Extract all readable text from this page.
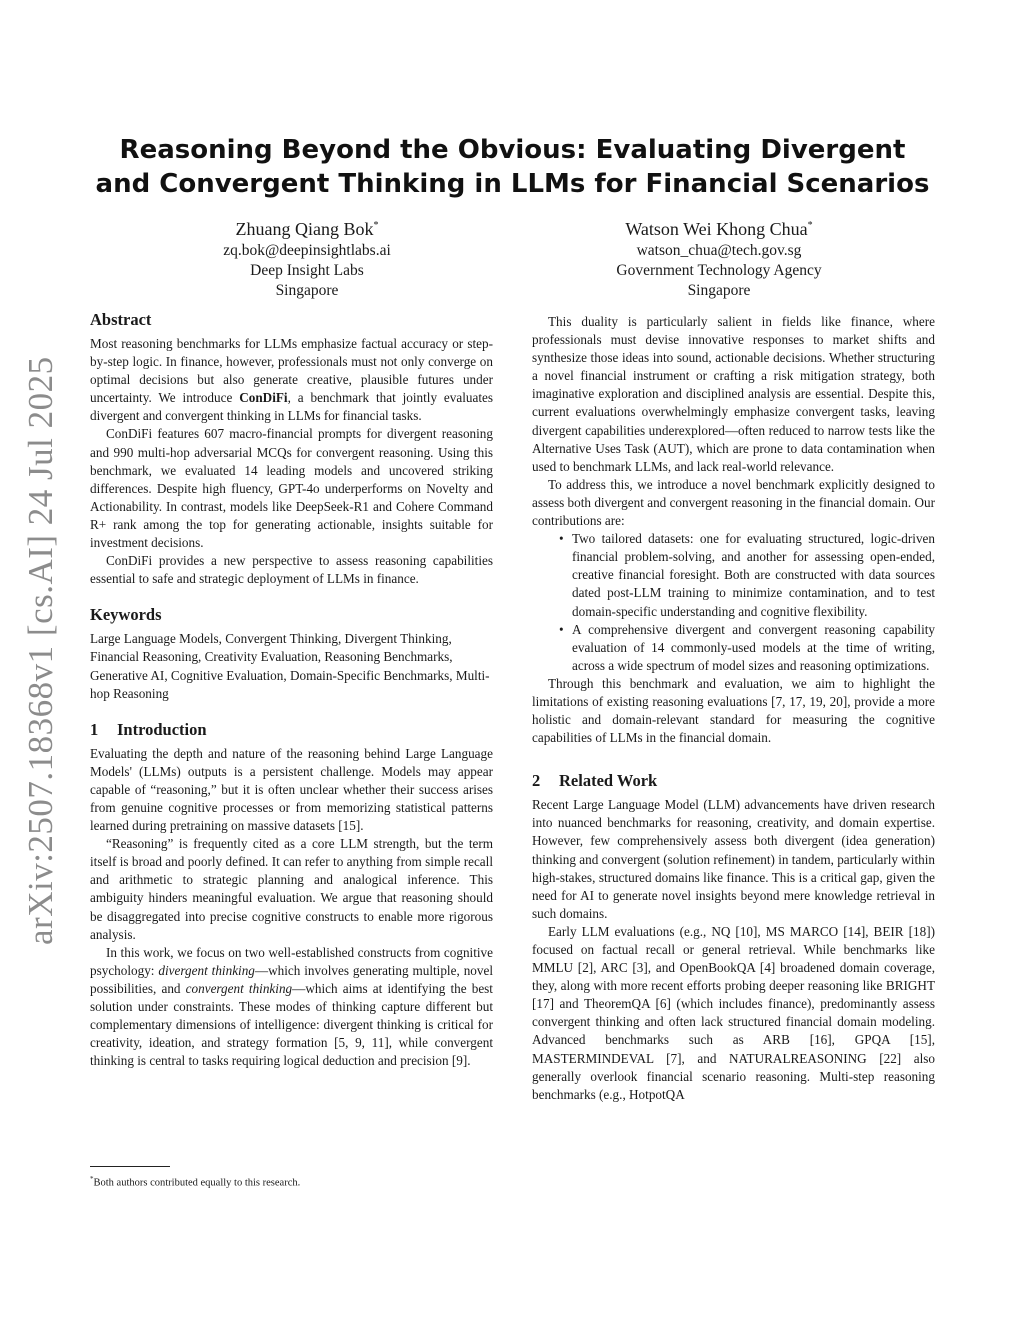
arXiv:2507.18368v1 [cs.AI] 24 Jul 2025
Reasoning Beyond the Obvious: Evaluating Divergent and Convergent Thinking in LLMs for Financial Scenarios
Zhuang Qiang Bok*
zq.bok@deepinsightlabs.ai
Deep Insight Labs
Singapore
Watson Wei Khong Chua*
watson_chua@tech.gov.sg
Government Technology Agency
Singapore
Abstract

Most reasoning benchmarks for LLMs emphasize factual accuracy or step-by-step logic. In finance, however, professionals must not only converge on optimal decisions but also generate creative, plausible futures under uncertainty. We introduce ConDiFi, a benchmark that jointly evaluates divergent and convergent thinking in LLMs for financial tasks.

ConDiFi features 607 macro-financial prompts for divergent reasoning and 990 multi-hop adversarial MCQs for convergent reasoning. Using this benchmark, we evaluated 14 leading models and uncovered striking differences. Despite high fluency, GPT-4o underperforms on Novelty and Actionability. In contrast, models like DeepSeek-R1 and Cohere Command R+ rank among the top for generating actionable, insights suitable for investment decisions.

ConDiFi provides a new perspective to assess reasoning capabilities essential to safe and strategic deployment of LLMs in finance.

Keywords

Large Language Models, Convergent Thinking, Divergent Thinking, Financial Reasoning, Creativity Evaluation, Reasoning Benchmarks, Generative AI, Cognitive Evaluation, Domain-Specific Benchmarks, Multi-hop Reasoning

1 Introduction

Evaluating the depth and nature of the reasoning behind Large Language Models' (LLMs) outputs is a persistent challenge. Models may appear capable of “reasoning,” but it is often unclear whether their success arises from genuine cognitive processes or from memorizing statistical patterns learned during pretraining on massive datasets [15].

“Reasoning” is frequently cited as a core LLM strength, but the term itself is broad and poorly defined. It can refer to anything from simple recall and arithmetic to strategic planning and analogical inference. This ambiguity hinders meaningful evaluation. We argue that reasoning should be disaggregated into precise cognitive constructs to enable more rigorous analysis.

In this work, we focus on two well-established constructs from cognitive psychology: divergent thinking—which involves generating multiple, novel possibilities, and convergent thinking—which aims at identifying the best solution under constraints. These modes of thinking capture different but complementary dimensions of intelligence: divergent thinking is critical for creativity, ideation, and strategy formation [5, 9, 11], while convergent thinking is central to tasks requiring logical deduction and precision [9].

This duality is particularly salient in fields like finance, where professionals must devise innovative responses to market shifts and synthesize those ideas into sound, actionable decisions. Whether structuring a novel financial instrument or crafting a risk mitigation strategy, both imaginative exploration and disciplined analysis are essential. Despite this, current evaluations overwhelmingly emphasize convergent tasks, leaving divergent capabilities underexplored—often reduced to narrow tests like the Alternative Uses Task (AUT), which are prone to data contamination when used to benchmark LLMs, and lack real-world relevance.

To address this, we introduce a novel benchmark explicitly designed to assess both divergent and convergent reasoning in the financial domain. Our contributions are:

• Two tailored datasets: one for evaluating structured, logic-driven financial problem-solving, and another for assessing open-ended, creative financial foresight. Both are constructed with data sources dated post-LLM training to minimize contamination, and to test domain-specific understanding and cognitive flexibility.
• A comprehensive divergent and convergent reasoning capability evaluation of 14 commonly-used models at the time of writing, across a wide spectrum of model sizes and reasoning optimizations.

Through this benchmark and evaluation, we aim to highlight the limitations of existing reasoning evaluations [7, 17, 19, 20], provide a more holistic and domain-relevant standard for measuring the cognitive capabilities of LLMs in the financial domain.

2 Related Work

Recent Large Language Model (LLM) advancements have driven research into nuanced benchmarks for reasoning, creativity, and domain expertise. However, few comprehensively assess both divergent (idea generation) thinking and convergent (solution refinement) in tandem, particularly within high-stakes, structured domains like finance. This is a critical gap, given the need for AI to generate novel insights beyond mere knowledge retrieval in such domains.

Early LLM evaluations (e.g., NQ [10], MS MARCO [14], BEIR [18]) focused on factual recall or general retrieval. While benchmarks like MMLU [2], ARC [3], and OpenBookQA [4] broadened domain coverage, they, along with more recent efforts probing deeper reasoning like BRIGHT [17] and TheoremQA [6] (which includes finance), predominantly assess convergent thinking and often lack structured financial domain modeling. Advanced benchmarks such as ARB [16], GPQA [15], MASTERMINDEVAL [7], and NATURALREASONING [22] also generally overlook financial scenario reasoning. Multi-step reasoning benchmarks (e.g., HotpotQA

*Both authors contributed equally to this research.
